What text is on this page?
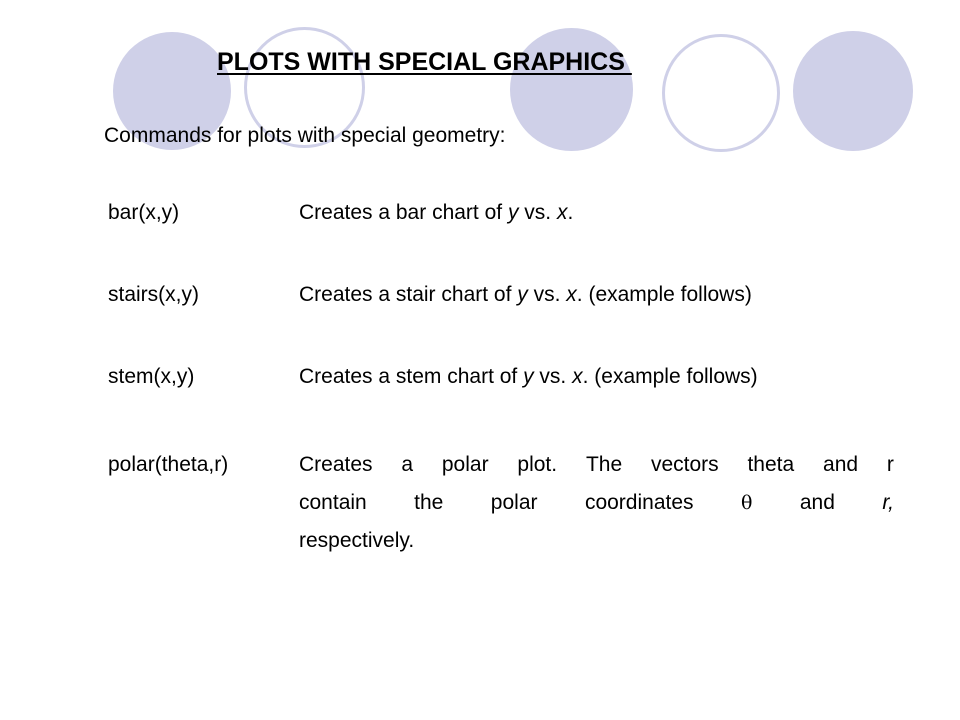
PLOTS WITH SPECIAL GRAPHICS
Commands for plots with special geometry:
bar(x,y)	Creates a bar chart of y vs. x.
stairs(x,y)	Creates a stair chart of y vs. x. (example follows)
stem(x,y)	Creates a stem chart of y vs. x. (example follows)
polar(theta,r)	Creates a polar plot. The vectors theta and r
contain the polar coordinates θ and r,
respectively.
